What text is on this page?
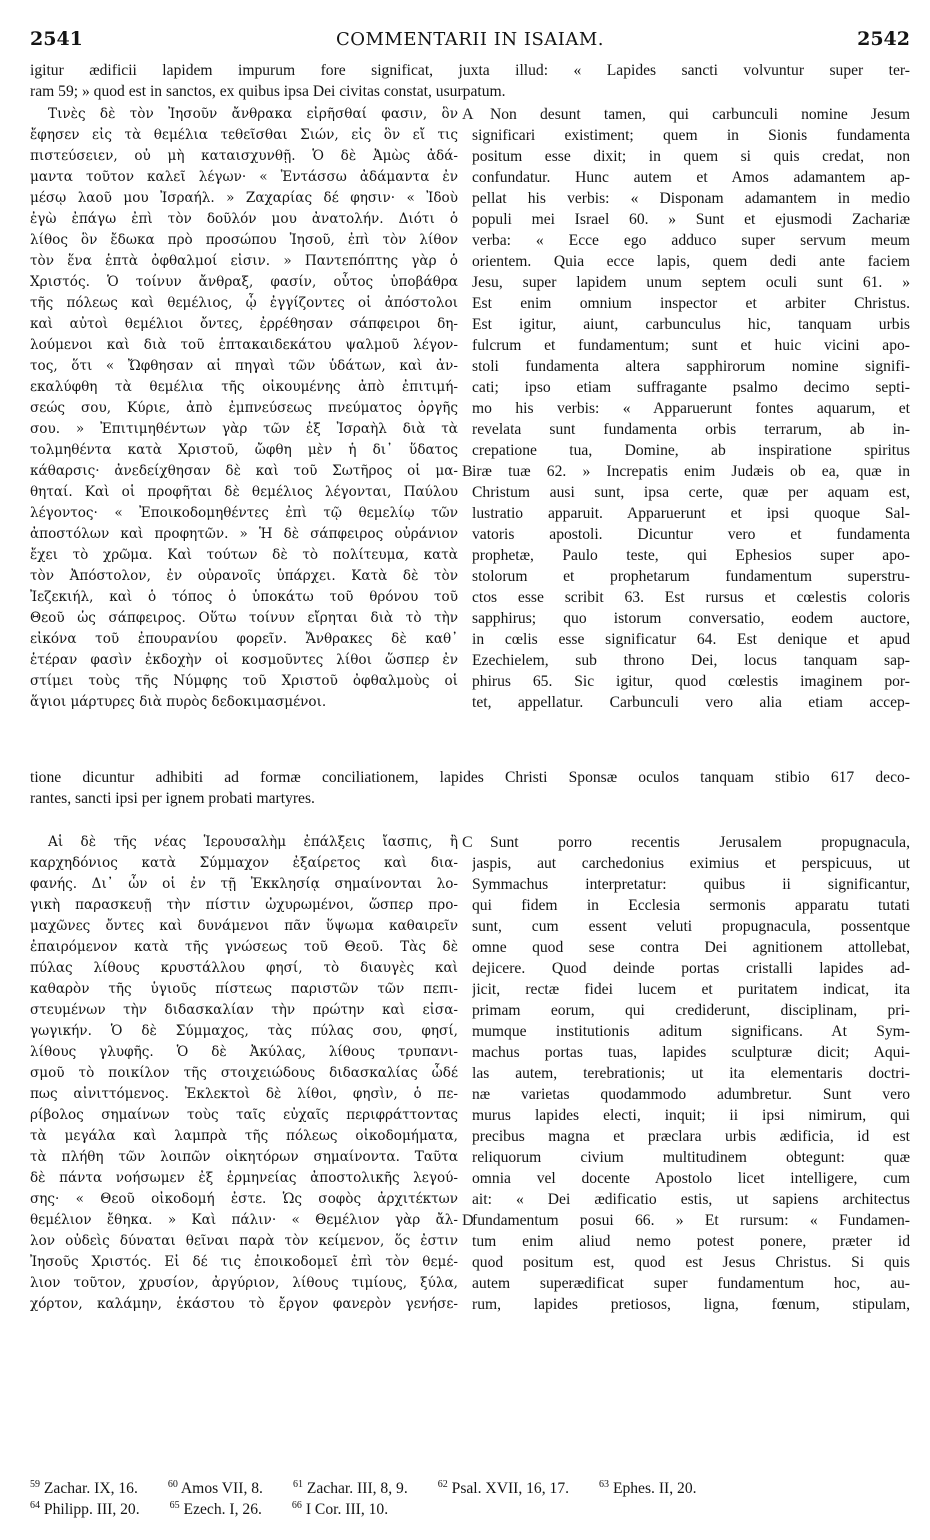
2541	COMMENTARII IN ISAIAM.	2542
igitur ædificii lapidem impurum fore significat, juxta illud: « Lapides sancti volvuntur super ter-
ram 59; » quod est in sanctos, ex quibus ipsa Dei civitas constat, usurpatum.
Τινὲς δὲ τὸν Ἰησοῦν ἄνθρακα εἰρῆσθαί φασιν, ὃν
ἔφησεν εἰς τὰ θεμέλια τεθεῖσθαι Σιών, εἰς ὃν εἴ τις
πιστεύσειεν, οὐ μὴ καταισχυνθῇ. Ὁ δὲ Ἀμὼς ἀδά-
μαντα τοῦτον καλεῖ λέγων· « Ἐντάσσω ἀδάμαντα ἐν
μέσῳ λαοῦ μου Ἰσραήλ. » Ζαχαρίας δέ φησιν· « Ἰδοὺ
ἐγὼ ἐπάγω ἐπὶ τὸν δοῦλόν μου ἀνατολήν. Διότι ὁ
λίθος ὃν ἔδωκα πρὸ προσώπου Ἰησοῦ, ἐπὶ τὸν λίθον
τὸν ἕνα ἑπτὰ ὀφθαλμοί εἰσιν. » Παντεπόπτης γὰρ ὁ
Χριστός. Ὁ τοίνυν ἄνθραξ, φασίν, οὗτος ὑποβάθρα
τῆς πόλεως καὶ θεμέλιος, ᾧ ἐγγίζοντες οἱ ἀπόστολοι
καὶ αὐτοὶ θεμέλιοι ὄντες, ἐρρέθησαν σάπφειροι δη-
λούμενοι καὶ διὰ τοῦ ἑπτακαιδεκάτου ψαλμοῦ λέγον-
τος, ὅτι « Ὤφθησαν αἱ πηγαὶ τῶν ὑδάτων, καὶ ἀν-
εκαλύφθη τὰ θεμέλια τῆς οἰκουμένης ἀπὸ ἐπιτιμή-
σεώς σου, Κύριε, ἀπὸ ἐμπνεύσεως πνεύματος ὀργῆς
σου. » Ἐπιτιμηθέντων γὰρ τῶν ἐξ Ἰσραὴλ διὰ τὰ
τολμηθέντα κατὰ Χριστοῦ, ὤφθη μὲν ἡ δι᾽ ὕδατος
κάθαρσις· ἀνεδείχθησαν δὲ καὶ τοῦ Σωτῆρος οἱ μα-
θηταί. Καὶ οἱ προφῆται δὲ θεμέλιος λέγονται, Παύλου
λέγοντος· « Ἐποικοδομηθέντες ἐπὶ τῷ θεμελίῳ τῶν
ἀποστόλων καὶ προφητῶν. » Ἡ δὲ σάπφειρος οὐράνιον
ἔχει τὸ χρῶμα. Καὶ τούτων δὲ τὸ πολίτευμα, κατὰ
τὸν Ἀπόστολον, ἐν οὐρανοῖς ὑπάρχει. Κατὰ δὲ τὸν
Ἰεζεκιήλ, καὶ ὁ τόπος ὁ ὑποκάτω τοῦ θρόνου τοῦ
Θεοῦ ὡς σάπφειρος. Οὕτω τοίνυν εἴρηται διὰ τὸ τὴν
εἰκόνα τοῦ ἐπουρανίου φορεῖν. Ἄνθρακες δὲ καθ᾽
ἑτέραν φασὶν ἐκδοχὴν οἱ κοσμοῦντες λίθοι ὥσπερ ἐν
στίμει τοὺς τῆς Νύμφης τοῦ Χριστοῦ ὀφθαλμοὺς οἱ
ἅγιοι μάρτυρες διὰ πυρὸς δεδοκιμασμένοι.
Non desunt tamen, qui carbunculi nomine Jesum
significari existiment; quem in Sionis fundamenta
positum esse dixit; in quem si quis credat, non
confundatur. Hunc autem et Amos adamantem ap-
pellat his verbis: « Disponam adamantem in medio
populi mei Israel 60. » Sunt et ejusmodi Zachariæ
verba: « Ecce ego adduco super servum meum
orientem. Quia ecce lapis, quem dedi ante faciem
Jesu, super lapidem unum septem oculi sunt 61. »
Est enim omnium inspector et arbiter Christus.
Est igitur, aiunt, carbunculus hic, tanquam urbis
fulcrum et fundamentum; sunt et huic vicini apo-
stoli fundamenta altera sapphirorum nomine signifi-
cati; ipso etiam suffragante psalmo decimo septi-
mo his verbis: « Apparuerunt fontes aquarum, et
revelata sunt fundamenta orbis terrarum, ab in-
crepatione tua, Domine, ab inspiratione spiritus
iræ tuæ 62. » Increpatis enim Judæis ob ea, quæ in
Christum ausi sunt, ipsa certe, quæ per aquam est,
lustratio apparuit. Apparuerunt et ipsi quoque Sal-
vatoris apostoli. Dicuntur vero et fundamenta
prophetæ, Paulo teste, qui Ephesios super apo-
stolorum et prophetarum fundamentum superstru-
ctos esse scribit 63. Est rursus et cœlestis coloris
sapphirus; quo istorum conversatio, eodem auctore,
in cœlis esse significatur 64. Est denique et apud
Ezechielem, sub throno Dei, locus tanquam sap-
phirus 65. Sic igitur, quod cœlestis imaginem por-
tet, appellatur. Carbunculi vero alia etiam accep-
A
B
tione dicuntur adhibiti ad formæ conciliationem, lapides Christi Sponsæ oculos tanquam stibio 617 deco-
rantes, sancti ipsi per ignem probati martyres.
Αἱ δὲ τῆς νέας Ἱερουσαλὴμ ἐπάλξεις ἴασπις, ἢ
καρχηδόνιος κατὰ Σύμμαχον ἐξαίρετος καὶ δια-
φανής. Δι᾽ ὧν οἱ ἐν τῇ Ἐκκλησίᾳ σημαίνονται λο-
γικὴ παρασκευῇ τὴν πίστιν ὠχυρωμένοι, ὥσπερ προ-
μαχῶνες ὄντες καὶ δυνάμενοι πᾶν ὕψωμα καθαιρεῖν
ἐπαιρόμενον κατὰ τῆς γνώσεως τοῦ Θεοῦ. Τὰς δὲ
πύλας λίθους κρυστάλλου φησί, τὸ διαυγὲς καὶ
καθαρὸν τῆς ὑγιοῦς πίστεως παριστῶν τῶν πεπι-
στευμένων τὴν διδασκαλίαν τὴν πρώτην καὶ εἰσα-
γωγικήν. Ὁ δὲ Σύμμαχος, τὰς πύλας σου, φησί,
λίθους γλυφῆς. Ὁ δὲ Ἀκύλας, λίθους τρυπανι-
σμοῦ τὸ ποικίλον τῆς στοιχειώδους διδασκαλίας ὧδέ
πως αἰνιττόμενος. Ἐκλεκτοὶ δὲ λίθοι, φησὶν, ὁ πε-
ρίβολος σημαίνων τοὺς ταῖς εὐχαῖς περιφράττοντας
τὰ μεγάλα καὶ λαμπρὰ τῆς πόλεως οἰκοδομήματα,
τὰ πλήθη τῶν λοιπῶν οἰκητόρων σημαίνοντα. Ταῦτα
δὲ πάντα νοήσωμεν ἐξ ἑρμηνείας ἀποστολικῆς λεγού-
σης· « Θεοῦ οἰκοδομή ἐστε. Ὡς σοφὸς ἀρχιτέκτων
θεμέλιον ἔθηκα. » Καὶ πάλιν· « Θεμέλιον γὰρ ἄλ-
λον οὐδεὶς δύναται θεῖναι παρὰ τὸν κείμενον, ὅς ἐστιν
Ἰησοῦς Χριστός. Εἰ δέ τις ἐποικοδομεῖ ἐπὶ τὸν θεμέ-
λιον τοῦτον, χρυσίον, ἀργύριον, λίθους τιμίους, ξύλα,
χόρτον, καλάμην, ἑκάστου τὸ ἔργον φανερὸν γενήσε-
Sunt porro recentis Jerusalem propugnacula,
jaspis, aut carchedonius eximius et perspicuus, ut
Symmachus interpretatur: quibus ii significantur,
qui fidem in Ecclesia sermonis apparatu tutati
sunt, cum essent veluti propugnacula, possentque
omne quod sese contra Dei agnitionem attollebat,
dejicere. Quod deinde portas cristalli lapides ad-
jicit, rectæ fidei lucem et puritatem indicat, ita
primam eorum, qui crediderunt, disciplinam, pri-
mumque institutionis aditum significans. At Sym-
machus portas tuas, lapides sculpturæ dicit; Aqui-
las autem, terebrationis; ut ita elementaris doctri-
næ varietas quodammodo adumbretur. Sunt vero
murus lapides electi, inquit; ii ipsi nimirum, qui
precibus magna et præclara urbis ædificia, id est
reliquorum civium multitudinem obtegunt: quæ
omnia vel docente Apostolo licet intelligere, cum
ait: « Dei ædificatio estis, ut sapiens architectus
fundamentum posui 66. » Et rursum: « Fundamen-
tum enim aliud nemo potest ponere, præter id
quod positum est, quod est Jesus Christus. Si quis
autem superædificat super fundamentum hoc, au-
rum, lapides pretiosos, ligna, fœnum, stipulam,
C
D
$^{59}$ Zachar. IX, 16.	$^{60}$ Amos VII, 8.	$^{61}$ Zachar. III, 8, 9.	$^{62}$ Psal. XVII, 16, 17.	$^{63}$ Ephes. II, 20.
$^{64}$ Philipp. III, 20.	$^{65}$ Ezech. I, 26.	$^{66}$ I Cor. III, 10.
